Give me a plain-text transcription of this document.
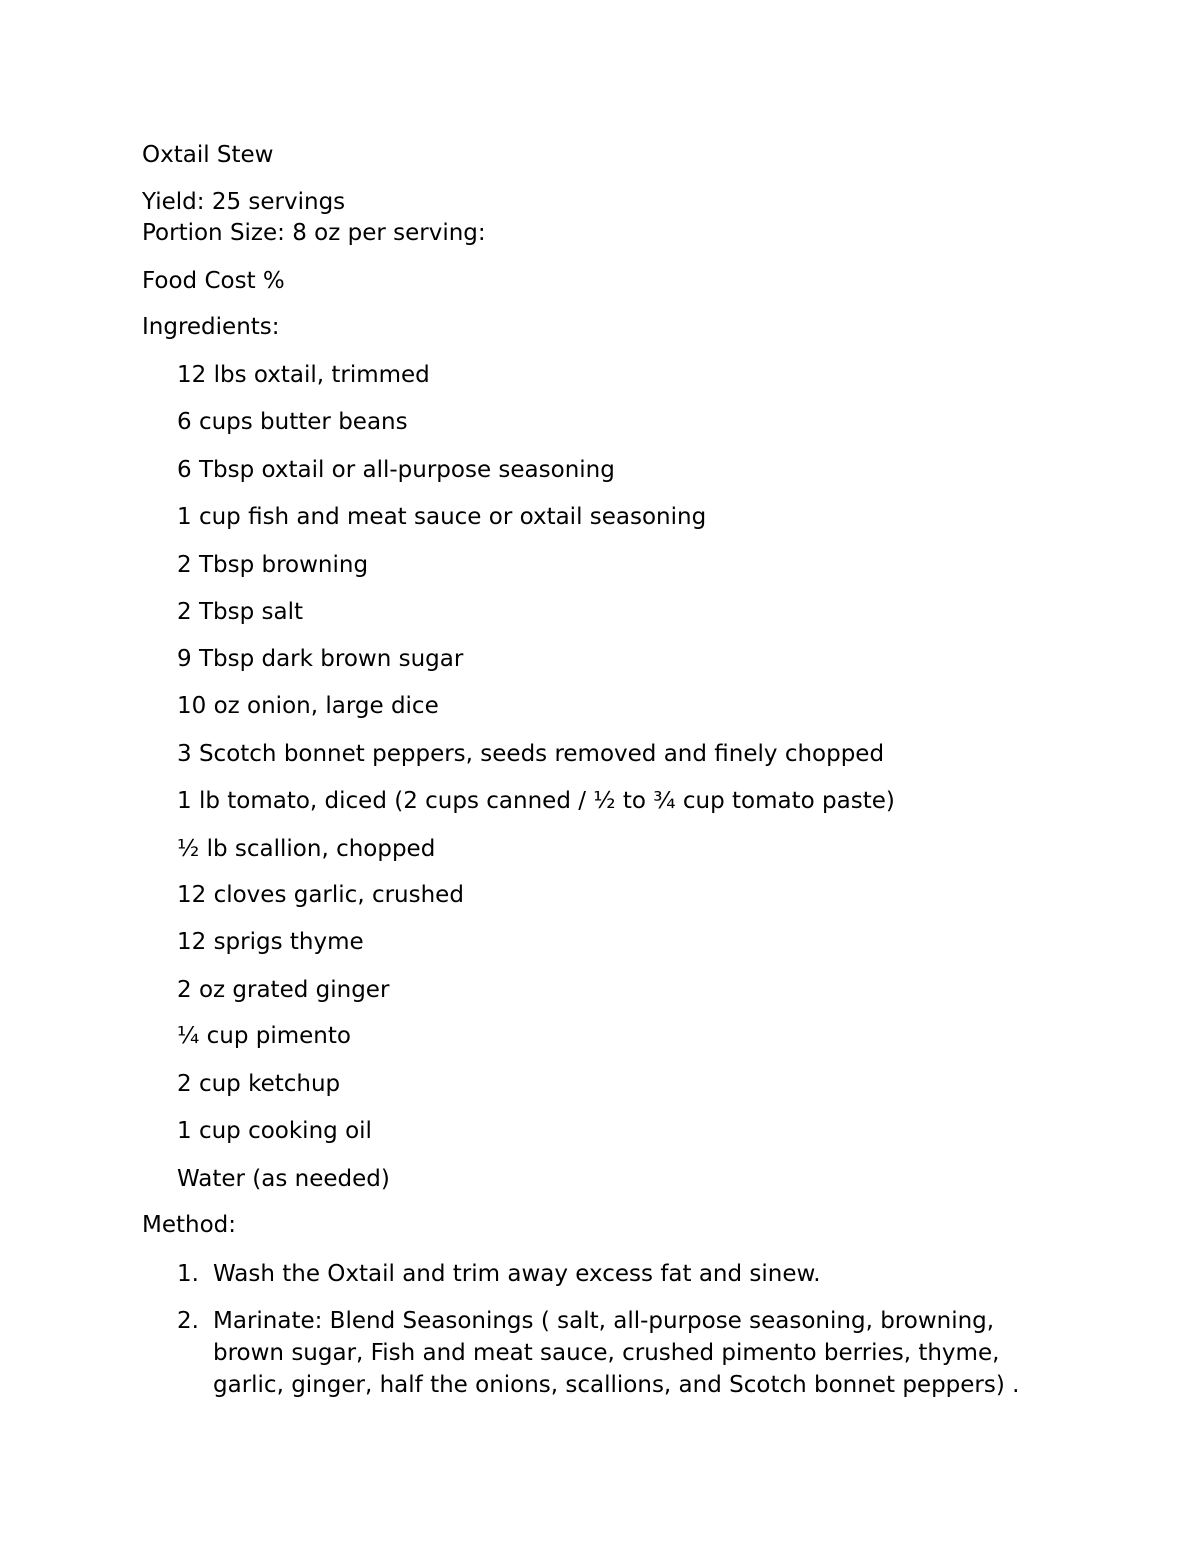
Oxtail Stew
Yield: 25 servings
Portion Size: 8 oz per serving:
Food Cost %
Ingredients:
12 lbs oxtail, trimmed
6 cups butter beans
6 Tbsp oxtail or all-purpose seasoning
1 cup fish and meat sauce or oxtail seasoning
2 Tbsp browning
2 Tbsp salt
9 Tbsp dark brown sugar
10 oz onion, large dice
3 Scotch bonnet peppers, seeds removed and finely chopped
1 lb tomato, diced (2 cups canned / ½ to ¾ cup tomato paste)
½ lb scallion, chopped
12 cloves garlic, crushed
12 sprigs thyme
2 oz grated ginger
¼ cup pimento
2 cup ketchup
1 cup cooking oil
Water (as needed)
Method:
1. Wash the Oxtail and trim away excess fat and sinew.
2. Marinate: Blend Seasonings ( salt, all-purpose seasoning, browning, brown sugar, Fish and meat sauce, crushed pimento berries, thyme, garlic, ginger, half the onions, scallions, and Scotch bonnet peppers) .
